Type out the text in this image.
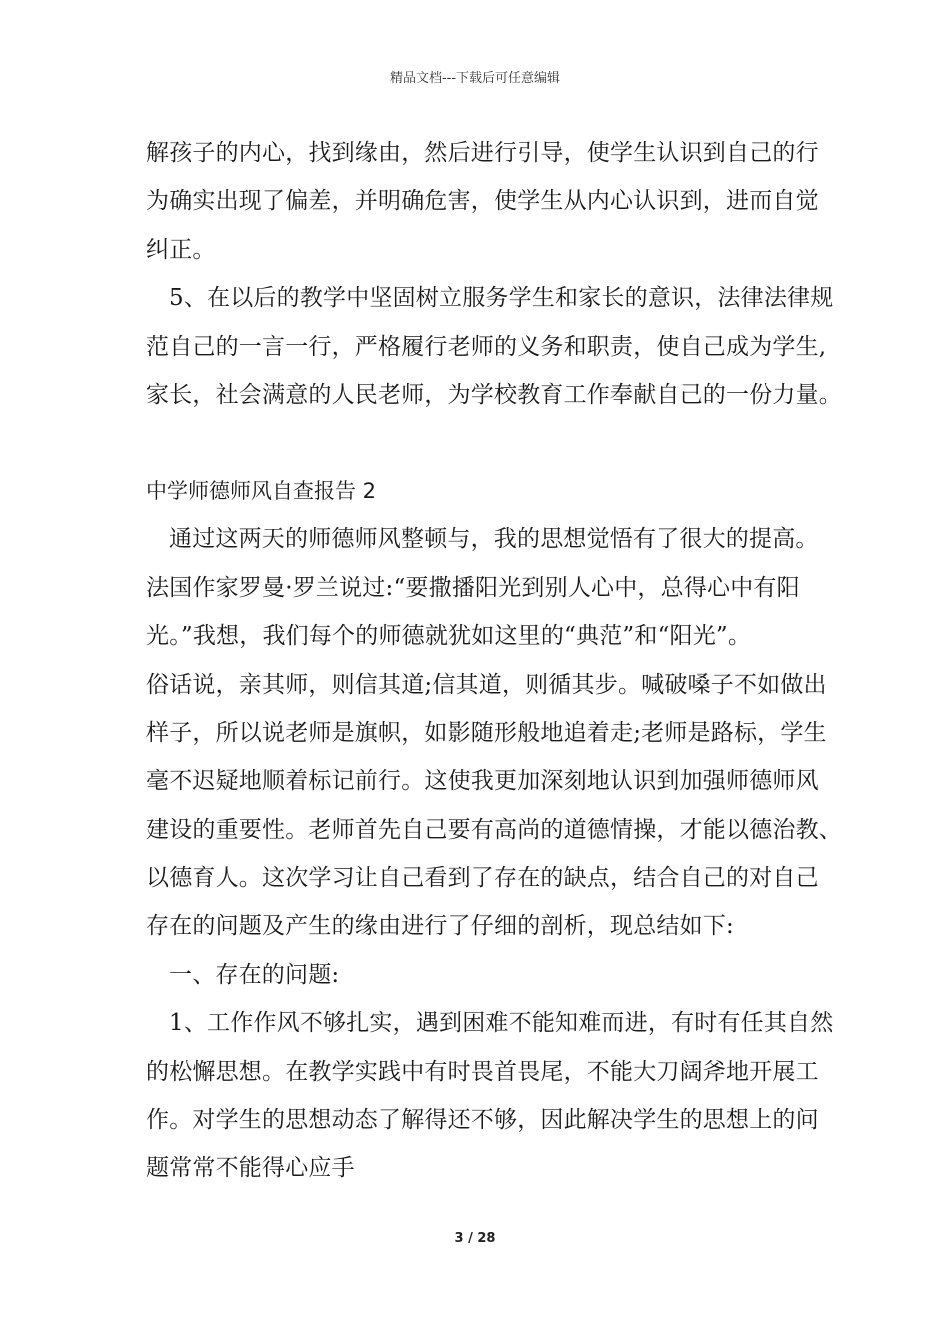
精品文档---下载后可任意编辑
解孩子的内心，找到缘由，然后进行引导，使学生认识到自己的行
为确实出现了偏差，并明确危害，使学生从内心认识到，进而自觉
纠正。
5、在以后的教学中坚固树立服务学生和家长的意识，法律法律规
范自己的一言一行，严格履行老师的义务和职责，使自己成为学生,
家长，社会满意的人民老师，为学校教育工作奉献自己的一份力量。
中学师德师风自查报告 2
通过这两天的师德师风整顿与，我的思想觉悟有了很大的提高。
法国作家罗曼·罗兰说过:“要撒播阳光到别人心中，总得心中有阳
光。”我想，我们每个的师德就犹如这里的“典范”和“阳光”。
俗话说，亲其师，则信其道;信其道，则循其步。喊破嗓子不如做出
样子，所以说老师是旗帜，如影随形般地追着走;老师是路标，学生
毫不迟疑地顺着标记前行。这使我更加深刻地认识到加强师德师风
建设的重要性。老师首先自己要有高尚的道德情操，才能以德治教、
以德育人。这次学习让自己看到了存在的缺点，结合自己的对自己
存在的问题及产生的缘由进行了仔细的剖析，现总结如下:
一、存在的问题:
1、工作作风不够扎实，遇到困难不能知难而进，有时有任其自然
的松懈思想。在教学实践中有时畏首畏尾，不能大刀阔斧地开展工
作。对学生的思想动态了解得还不够，因此解决学生的思想上的问
题常常不能得心应手
3 / 28
